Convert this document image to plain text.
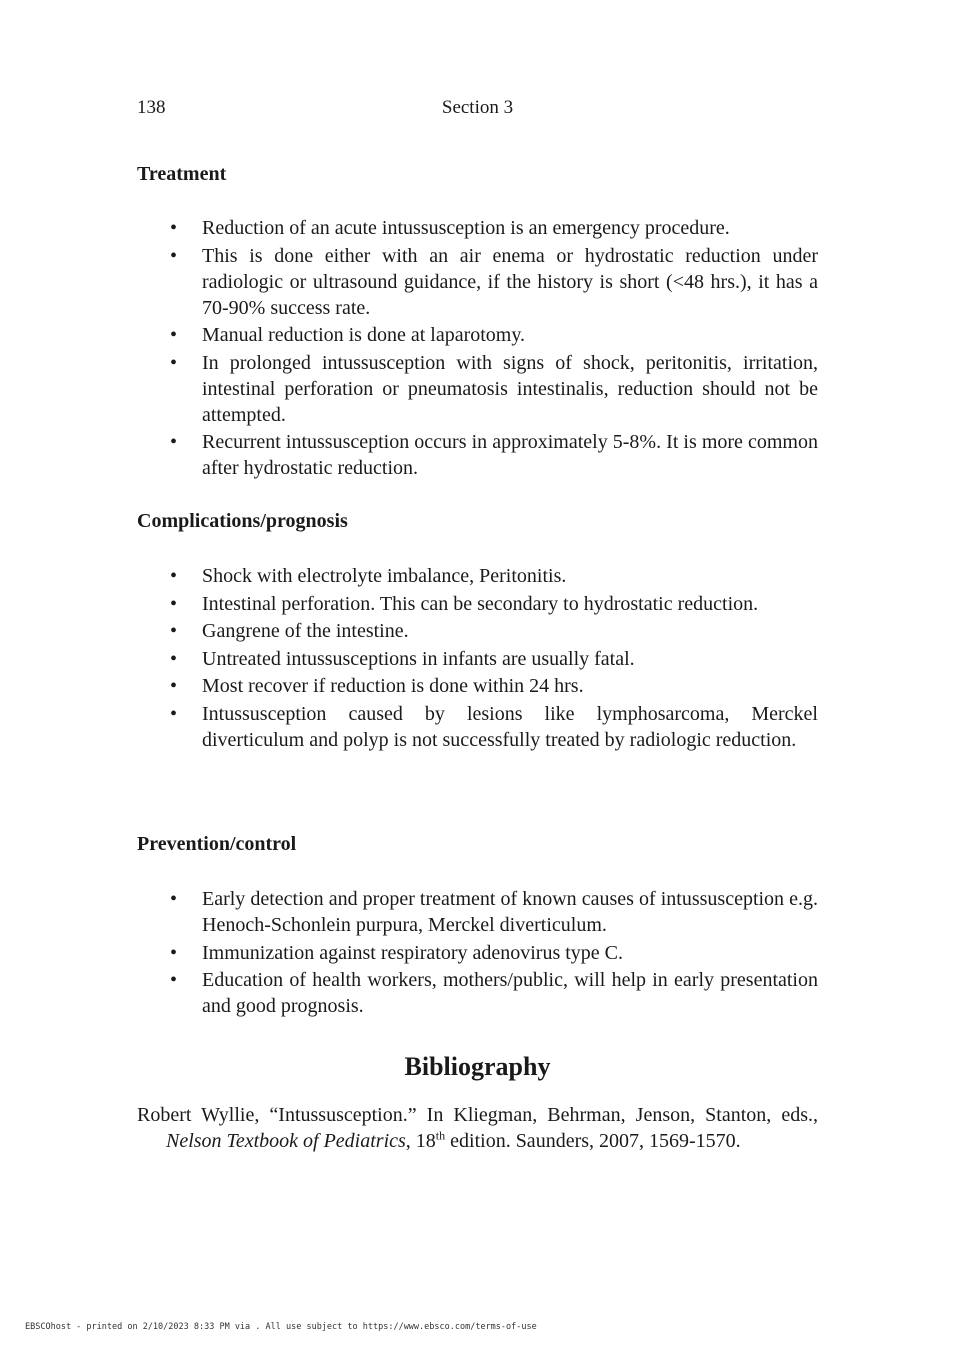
138	Section 3
Treatment
• Reduction of an acute intussusception is an emergency procedure.
• This is done either with an air enema or hydrostatic reduction under radiologic or ultrasound guidance, if the history is short (<48 hrs.), it has a 70-90% success rate.
• Manual reduction is done at laparotomy.
• In prolonged intussusception with signs of shock, peritonitis, irritation, intestinal perforation or pneumatosis intestinalis, reduction should not be attempted.
• Recurrent intussusception occurs in approximately 5-8%. It is more common after hydrostatic reduction.
Complications/prognosis
• Shock with electrolyte imbalance, Peritonitis.
• Intestinal perforation. This can be secondary to hydrostatic reduction.
• Gangrene of the intestine.
• Untreated intussusceptions in infants are usually fatal.
• Most recover if reduction is done within 24 hrs.
• Intussusception caused by lesions like lymphosarcoma, Merckel diverticulum and polyp is not successfully treated by radiologic reduction.
Prevention/control
• Early detection and proper treatment of known causes of intussusception e.g. Henoch-Schonlein purpura, Merckel diverticulum.
• Immunization against respiratory adenovirus type C.
• Education of health workers, mothers/public, will help in early presentation and good prognosis.
Bibliography
Robert Wyllie, “Intussusception.” In Kliegman, Behrman, Jenson, Stanton, eds., Nelson Textbook of Pediatrics, 18th edition. Saunders, 2007, 1569-1570.
EBSCOhost - printed on 2/10/2023 8:33 PM via . All use subject to https://www.ebsco.com/terms-of-use
